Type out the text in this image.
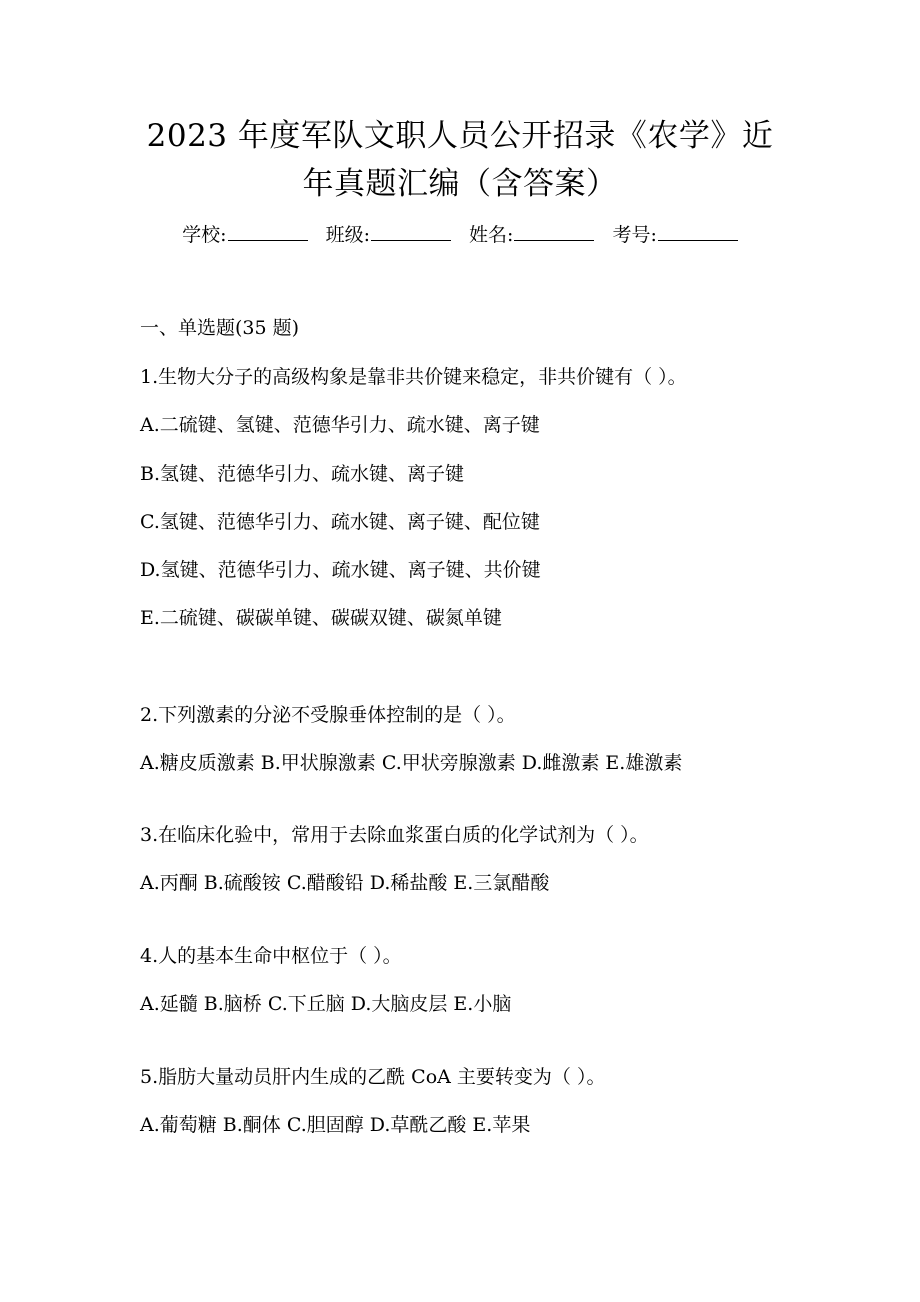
2023 年度军队文职人员公开招录《农学》近
年真题汇编（含答案）
学校:	班级:	姓名:	考号:
一、单选题(35 题)
1.生物大分子的高级构象是靠非共价键来稳定，非共价键有（ ）。
A.二硫键、氢键、范德华引力、疏水键、离子键
B.氢键、范德华引力、疏水键、离子键
C.氢键、范德华引力、疏水键、离子键、配位键
D.氢键、范德华引力、疏水键、离子键、共价键
E.二硫键、碳碳单键、碳碳双键、碳氮单键
2.下列激素的分泌不受腺垂体控制的是（ ）。
A.糖皮质激素 B.甲状腺激素 C.甲状旁腺激素 D.雌激素 E.雄激素
3.在临床化验中，常用于去除血浆蛋白质的化学试剂为（ ）。
A.丙酮 B.硫酸铵 C.醋酸铅 D.稀盐酸 E.三氯醋酸
4.人的基本生命中枢位于（ ）。
A.延髓 B.脑桥 C.下丘脑 D.大脑皮层 E.小脑
5.脂肪大量动员肝内生成的乙酰 CoA 主要转变为（ ）。
A.葡萄糖 B.酮体 C.胆固醇 D.草酰乙酸 E.苹果
